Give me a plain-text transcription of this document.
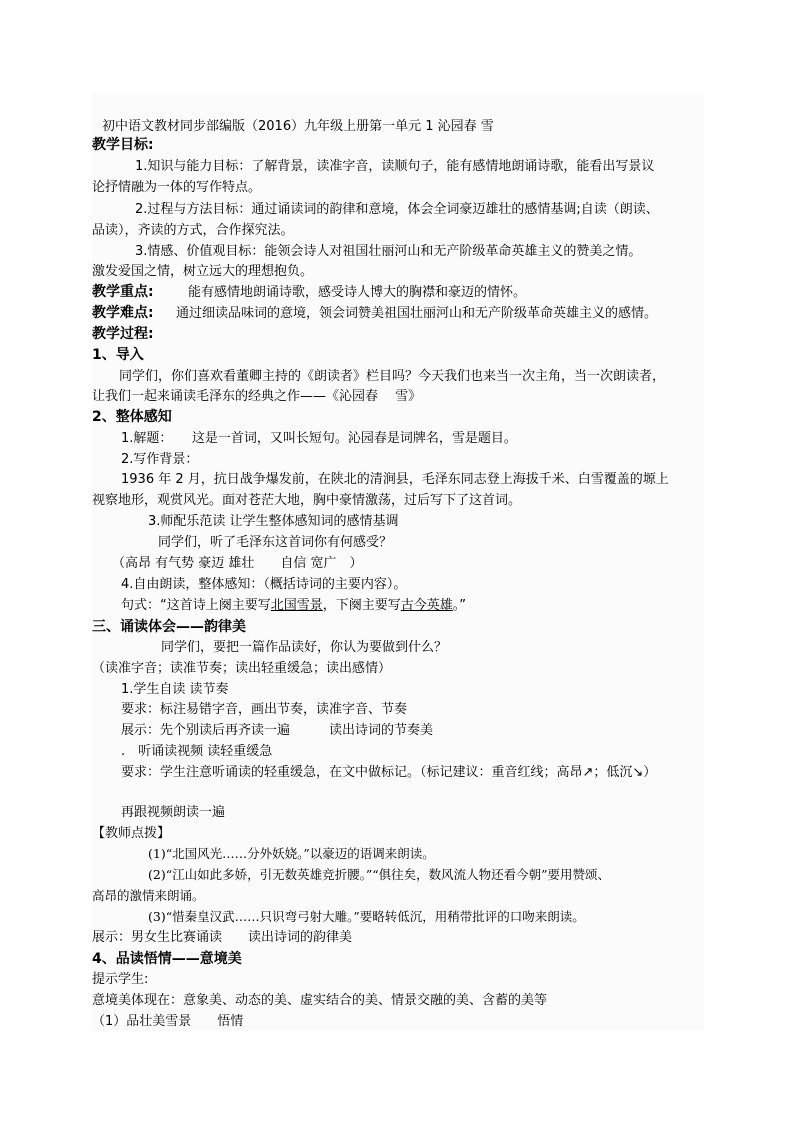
初中语文教材同步部编版（2016）九年级上册第一单元 1 沁园春 雪
教学目标:
1.知识与能力目标：了解背景，读准字音，读顺句子，能有感情地朗诵诗歌，能看出写景议
论抒情融为一体的写作特点。
2.过程与方法目标：通过诵读词的韵律和意境，体会全词豪迈雄壮的感情基调;自读（朗读、
品读），齐读的方式，合作探究法。
3.情感、价值观目标：能领会诗人对祖国壮丽河山和无产阶级革命英雄主义的赞美之情。
激发爱国之情，树立远大的理想抱负。
教学重点:	能有感情地朗诵诗歌，感受诗人博大的胸襟和豪迈的情怀。
教学难点: 通过细读品味词的意境，领会词赞美祖国壮丽河山和无产阶级革命英雄主义的感情。
教学过程:
1、导入
同学们，你们喜欢看董卿主持的《朗读者》栏目吗？今天我们也来当一次主角，当一次朗读者，
让我们一起来诵读毛泽东的经典之作——《沁园春　 雪》
2、整体感知
1.解题：　　这是一首词，又叫长短句。沁园春是词牌名，雪是题目。
2.写作背景：
1936 年 2 月，抗日战争爆发前，在陕北的清涧县，毛泽东同志登上海拔千米、白雪覆盖的塬上
视察地形，观赏风光。面对苍茫大地，胸中豪情激荡，过后写下了这首词。
3.师配乐范读 让学生整体感知词的感情基调
同学们，听了毛泽东这首词你有何感受？
（高昂 有气势 豪迈 雄壮　　自信 宽广　）
4.自由朗读，整体感知：（概括诗词的主要内容）。
句式：“这首诗上阕主要写北国雪景，下阕主要写古今英雄。”
三、诵读体会——韵律美
同学们，要把一篇作品读好，你认为要做到什么？
（读准字音；读准节奏；读出轻重缓急；读出感情）
1.学生自读 读节奏
要求：标注易错字音，画出节奏，读准字音、节奏
展示：先个别读后再齐读一遍　　　读出诗词的节奏美
.　听诵读视频 读轻重缓急
要求：学生注意听诵读的轻重缓急，在文中做标记。（标记建议：重音红线；高昂↗；低沉↘）
再跟视频朗读一遍
【教师点拨】
(1)“北国风光……分外妖娆。”以豪迈的语调来朗读。
(2)“江山如此多娇，引无数英雄竞折腰。”“俱往矣，数风流人物还看今朝”要用赞颂、
高昂的激情来朗诵。
(3)“惜秦皇汉武……只识弯弓射大雕。”要略转低沉，用稍带批评的口吻来朗读。
展示：男女生比赛诵读　　读出诗词的韵律美
4、品读悟情——意境美
提示学生:
意境美体现在：意象美、动态的美、虚实结合的美、情景交融的美、含蓄的美等
（1）品壮美雪景　　悟情
